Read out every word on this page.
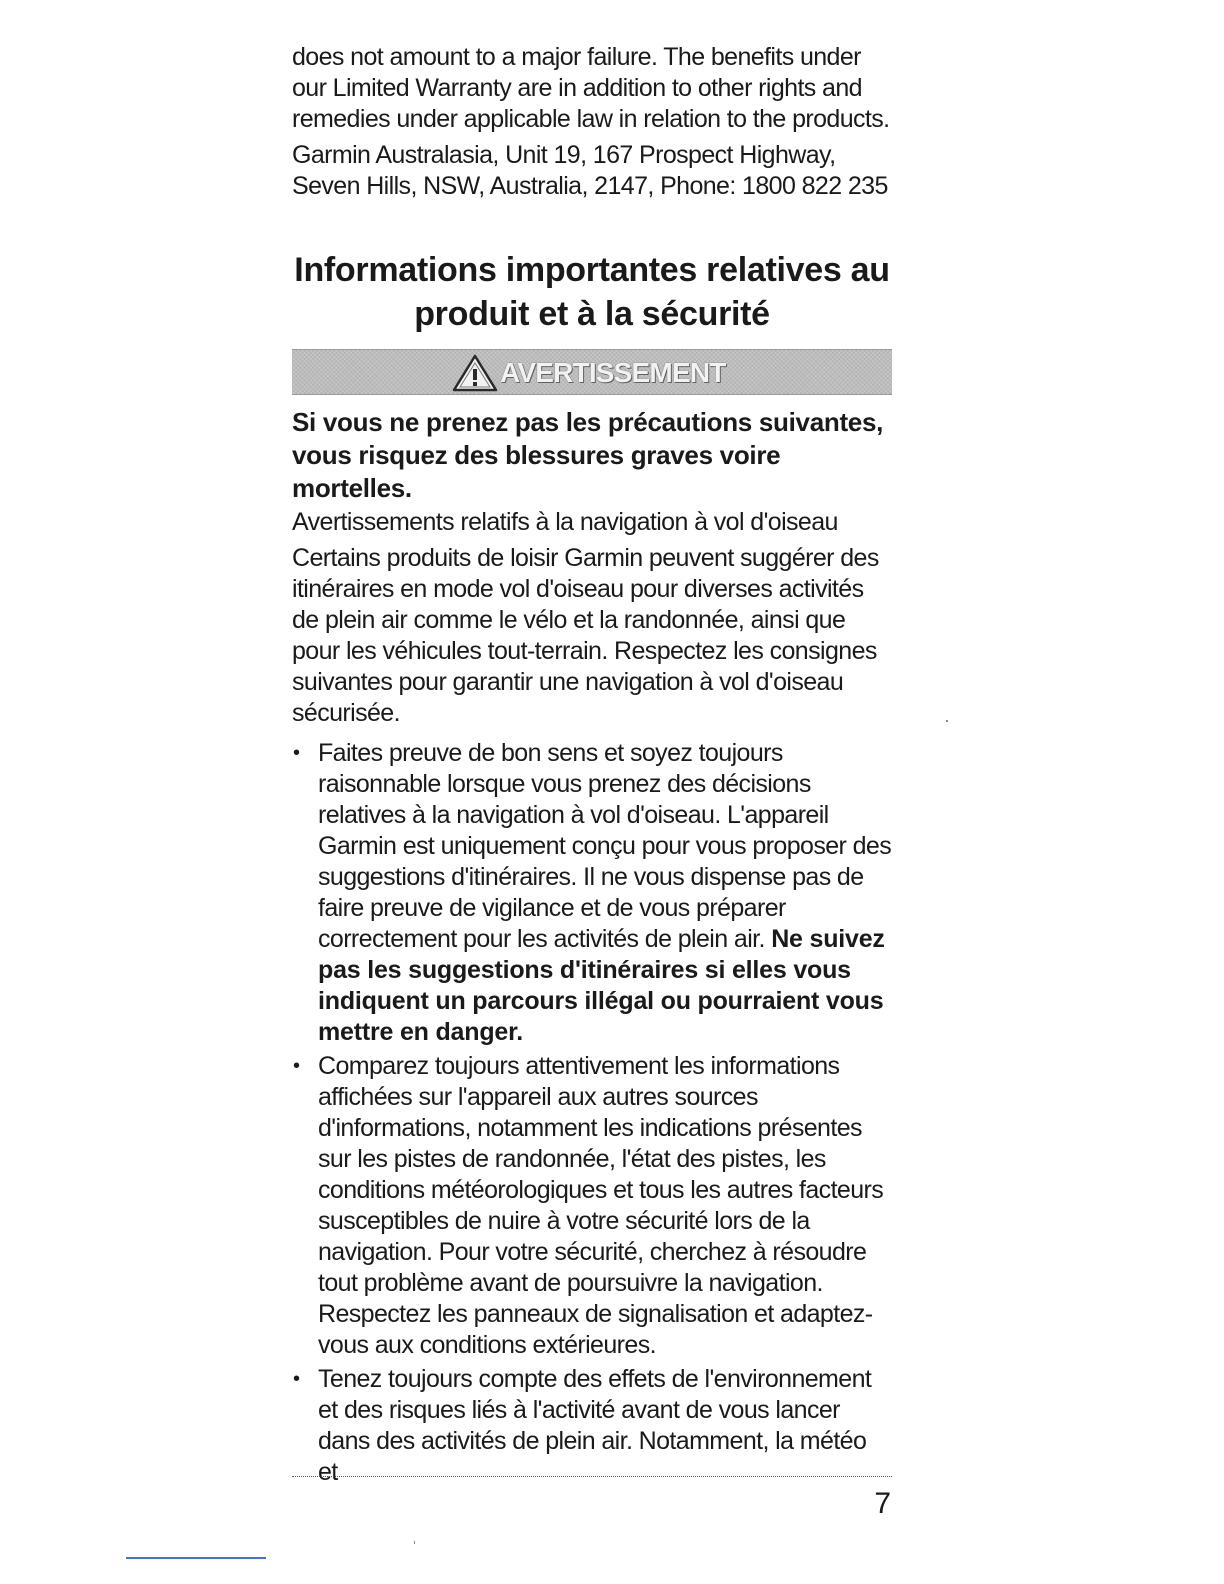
does not amount to a major failure. The benefits under our Limited Warranty are in addition to other rights and remedies under applicable law in relation to the products.

Garmin Australasia, Unit 19, 167 Prospect Highway, Seven Hills, NSW, Australia, 2147, Phone: 1800 822 235

Informations importantes relatives au
produit et à la sécurité
AVERTISSEMENT

Si vous ne prenez pas les précautions suivantes, vous risquez des blessures graves voire mortelles.

Avertissements relatifs à la navigation à vol d'oiseau

Certains produits de loisir Garmin peuvent suggérer des itinéraires en mode vol d'oiseau pour diverses activités de plein air comme le vélo et la randonnée, ainsi que pour les véhicules tout-terrain. Respectez les consignes suivantes pour garantir une navigation à vol d'oiseau sécurisée.

• Faites preuve de bon sens et soyez toujours raisonnable lorsque vous prenez des décisions relatives à la navigation à vol d'oiseau. L'appareil Garmin est uniquement conçu pour vous proposer des suggestions d'itinéraires. Il ne vous dispense pas de faire preuve de vigilance et de vous préparer correctement pour les activités de plein air. Ne suivez pas les suggestions d'itinéraires si elles vous indiquent un parcours illégal ou pourraient vous mettre en danger.
• Comparez toujours attentivement les informations affichées sur l'appareil aux autres sources d'informations, notamment les indications présentes sur les pistes de randonnée, l'état des pistes, les conditions météorologiques et tous les autres facteurs susceptibles de nuire à votre sécurité lors de la navigation. Pour votre sécurité, cherchez à résoudre tout problème avant de poursuivre la navigation. Respectez les panneaux de signalisation et adaptez-vous aux conditions extérieures.
• Tenez toujours compte des effets de l'environnement et des risques liés à l'activité avant de vous lancer dans des activités de plein air. Notamment, la météo et
7
